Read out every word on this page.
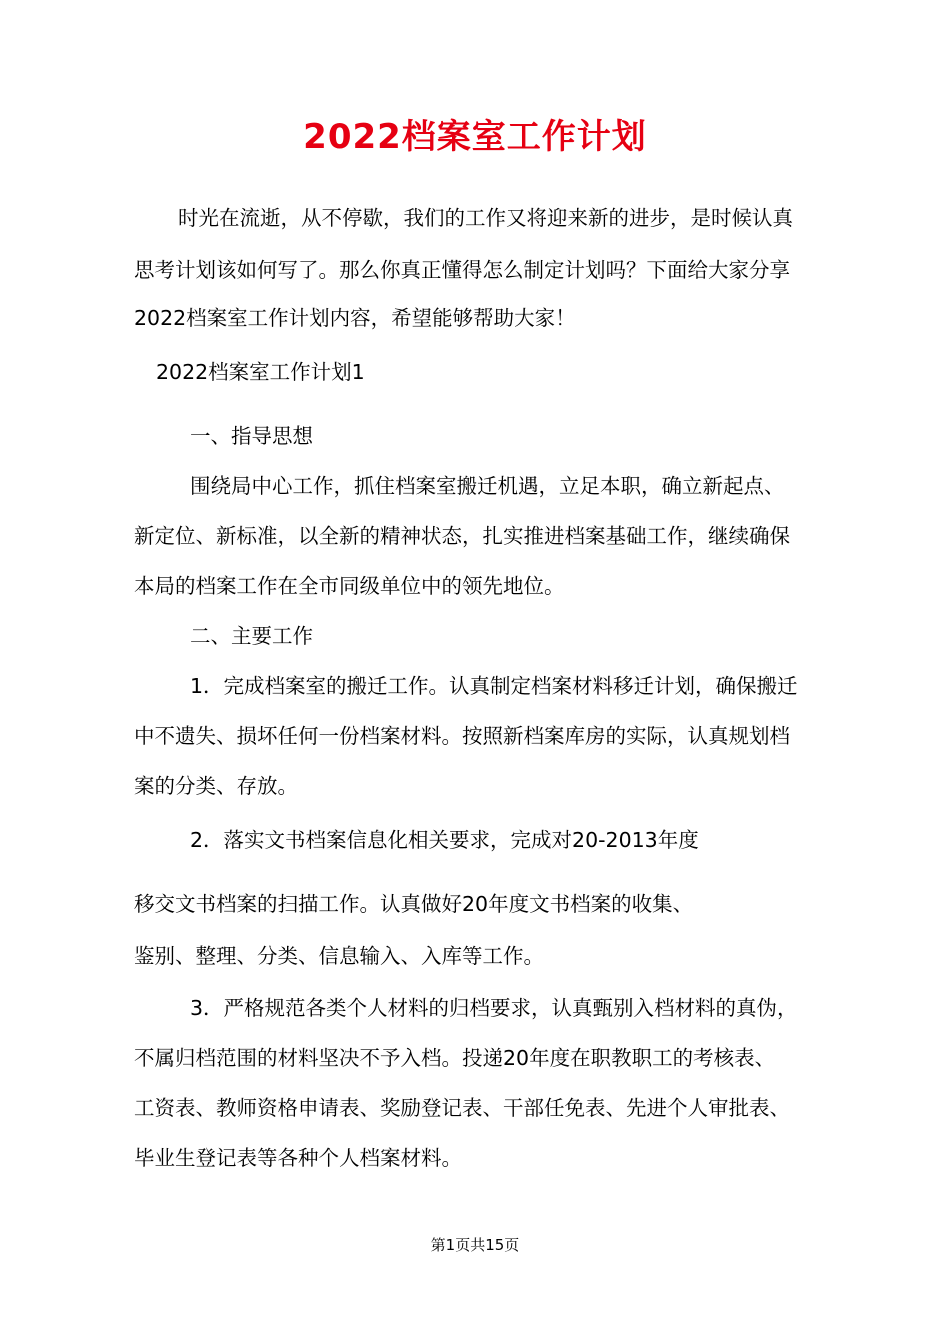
2022档案室工作计划
时光在流逝，从不停歇，我们的工作又将迎来新的进步，是时候认真
思考计划该如何写了。那么你真正懂得怎么制定计划吗？下面给大家分享
2022档案室工作计划内容，希望能够帮助大家！
2022档案室工作计划1
一、指导思想
围绕局中心工作，抓住档案室搬迁机遇，立足本职，确立新起点、
新定位、新标准，以全新的精神状态，扎实推进档案基础工作，继续确保
本局的档案工作在全市同级单位中的领先地位。
二、主要工作
1．完成档案室的搬迁工作。认真制定档案材料移迁计划，确保搬迁
中不遗失、损坏任何一份档案材料。按照新档案库房的实际，认真规划档
案的分类、存放。
2．落实文书档案信息化相关要求，完成对20-2013年度
移交文书档案的扫描工作。认真做好20年度文书档案的收集、
鉴别、整理、分类、信息输入、入库等工作。
3．严格规范各类个人材料的归档要求，认真甄别入档材料的真伪，
不属归档范围的材料坚决不予入档。投递20年度在职教职工的考核表、
工资表、教师资格申请表、奖励登记表、干部任免表、先进个人审批表、
毕业生登记表等各种个人档案材料。
第1页共15页
